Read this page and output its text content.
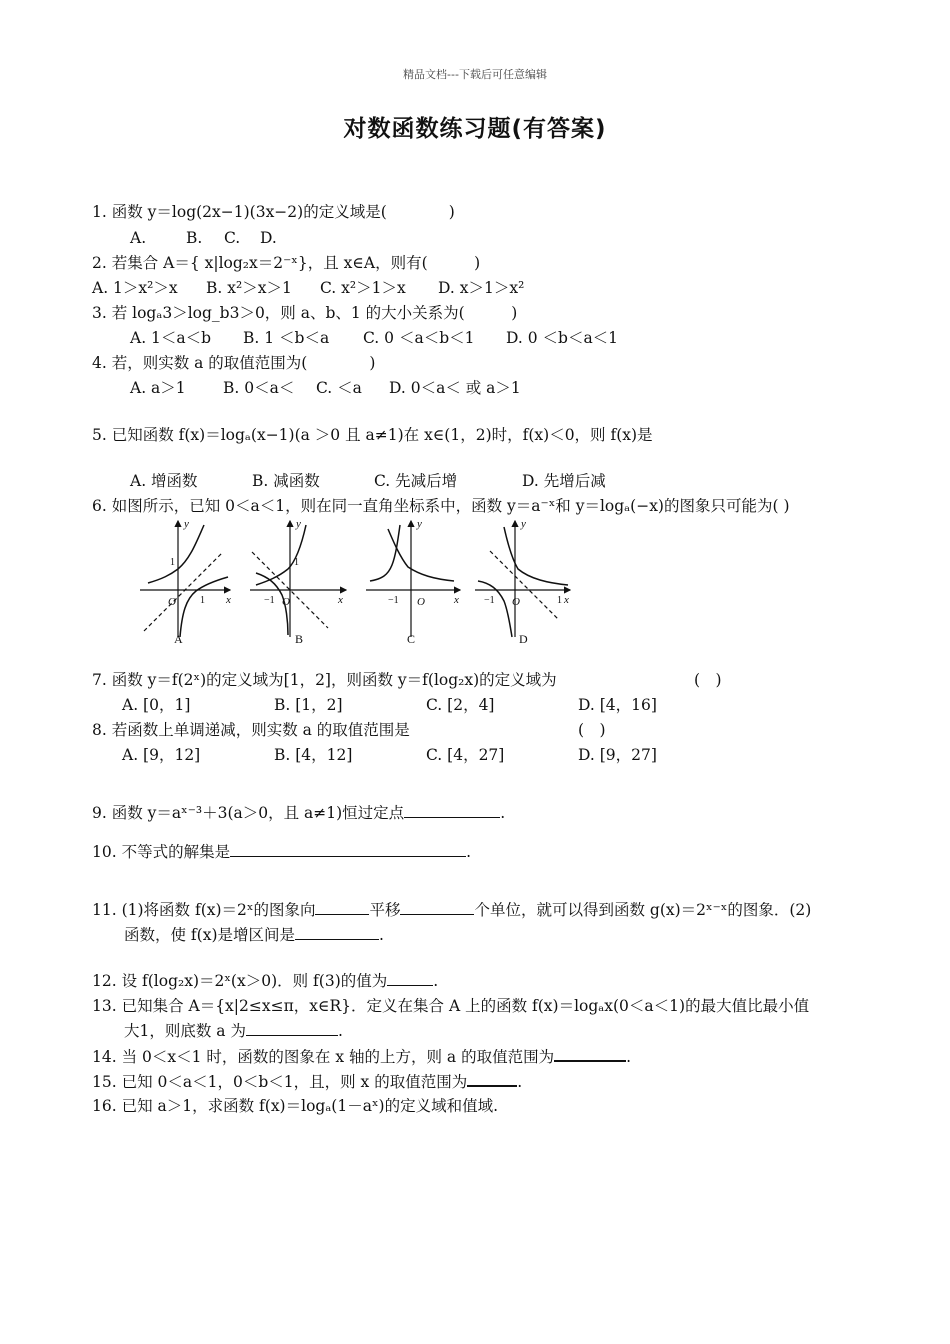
精品文档---下载后可任意编辑
对数函数练习题(有答案)
1. 函数 y＝log(2x−1)(3x−2)的定义域是(　　　　)
A.	B. C. D.
2. 若集合 A＝{ x|log₂x＝2⁻ˣ}，且 x∈A，则有(　　　)
A. 1＞x²＞x B. x²＞x＞1 C. x²＞1＞x D. x＞1＞x²
3. 若 logₐ3＞log_b3＞0，则 a、b、1 的大小关系为(　　　)
A. 1＜a＜b B. 1 ＜b＜a C. 0 ＜a＜b＜1 D. 0 ＜b＜a＜1
4. 若，则实数 a 的取值范围为(　　　　)
A. a＞1 B. 0＜a＜ C. ＜a D. 0＜a＜ 或 a＞1
5. 已知函数 f(x)＝logₐ(x−1)(a ＞0 且 a≠1)在 x∈(1，2)时，f(x)＜0，则 f(x)是
A. 增函数	B. 减函数	C. 先减后增	D. 先增后减
6. 如图所示，已知 0＜a＜1，则在同一直角坐标系中，函数 y＝a⁻ˣ和 y＝logₐ(−x)的图象只可能为( )
y
x
O
y
x
O
y
x
O
y
x
O
1
1
1
−1	−1	−1	1
A	B	C	D
7. 函数 y＝f(2ˣ)的定义域为[1，2]，则函数 y＝f(log₂x)的定义域为	(　)
A. [0，1]	B. [1，2]	C. [2，4]	D. [4，16]
8. 若函数上单调递减，则实数 a 的取值范围是	(　)
A. [9，12]	B. [4，12]	C. [4，27]	D. [9，27]
9. 函数 y＝aˣ⁻³＋3(a＞0，且 a≠1)恒过定点	.
10. 不等式的解集是	.
11. (1)将函数 f(x)＝2ˣ的图象向	平移	个单位，就可以得到函数 g(x)＝2ˣ⁻ˣ的图象．(2)
函数，使 f(x)是增区间是	.
12. 设 f(log₂x)＝2ˣ(x＞0)．则 f(3)的值为	.
13. 已知集合 A＝{x|2≤x≤π，x∈R}．定义在集合 A 上的函数 f(x)＝logₐx(0＜a＜1)的最大值比最小值
大1，则底数 a 为	.
14. 当 0＜x＜1 时，函数的图象在 x 轴的上方，则 a 的取值范围为	.
15. 已知 0＜a＜1，0＜b＜1，且，则 x 的取值范围为	.
16. 已知 a＞1，求函数 f(x)＝logₐ(1－aˣ)的定义域和值域.
